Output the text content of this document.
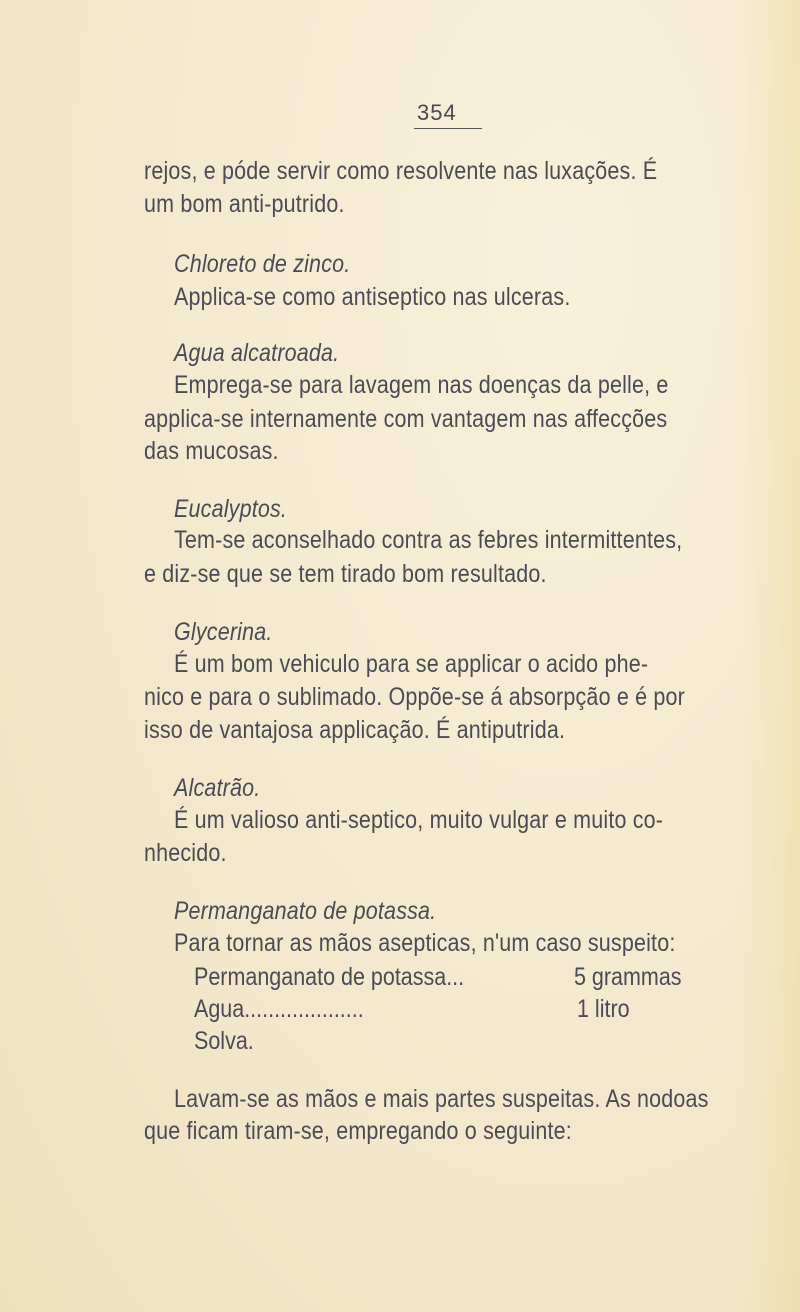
354
rejos, e póde servir como resolvente nas luxações. É
um bom anti-putrido.
Chloreto de zinco.
Applica-se como antiseptico nas ulceras.
Agua alcatroada.
Emprega-se para lavagem nas doenças da pelle, e
applica-se internamente com vantagem nas affecções
das mucosas.
Eucalyptos.
Tem-se aconselhado contra as febres intermittentes,
e diz-se que se tem tirado bom resultado.
Glycerina.
É um bom vehiculo para se applicar o acido phe-
nico e para o sublimado. Oppõe-se á absorpção e é por
isso de vantajosa applicação. É antiputrida.
Alcatrão.
É um valioso anti-septico, muito vulgar e muito co-
nhecido.
Permanganato de potassa.
Para tornar as mãos asepticas, n'um caso suspeito:
Permanganato de potassa...	5 grammas
Agua....................	1 litro
Solva.
Lavam-se as mãos e mais partes suspeitas. As nodoas
que ficam tiram-se, empregando o seguinte:
